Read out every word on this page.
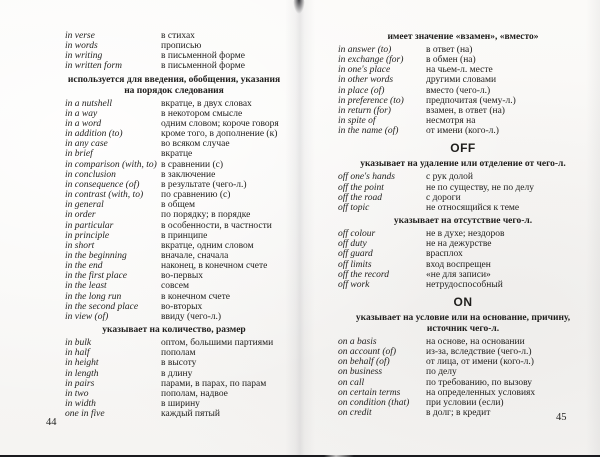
in verse	в стихах
in words	прописью
in writing	в письменной форме
in written form	в письменной форме
используется для введения, обобщения, указания на порядок следования
in a nutshell	вкратце, в двух словах
in a way	в некотором смысле
in a word	одним словом; короче говоря
in addition (to)	кроме того, в дополнение (к)
in any case	во всяком случае
in brief	вкратце
in comparison (with, to) в сравнении (с)
in conclusion	в заключение
in consequence (of)	в результате (чего-л.)
in contrast (with, to)	по сравнению (с)
in general	в общем
in order	по порядку; в порядке
in particular	в особенности, в частности
in principle	в принципе
in short	вкратце, одним словом
in the beginning	вначале, сначала
in the end	наконец, в конечном счете
in the first place	во-первых
in the least	совсем
in the long run	в конечном счете
in the second place	во-вторых
in view (of)	ввиду (чего-л.)
указывает на количество, размер
in bulk	оптом, большими партиями
in half	пополам
in height	в высоту
in length	в длину
in pairs	парами, в парах, по парам
in two	пополам, надвое
in width	в ширину
one in five	каждый пятый
44
имеет значение «взамен», «вместо»
in answer (to)	в ответ (на)
in exchange (for)	в обмен (на)
in one's place	на чьем-л. месте
in other words	другими словами
in place (of)	вместо (чего-л.)
in preference (to)	предпочитая (чему-л.)
in return (for)	взамен, в ответ (на)
in spite of	несмотря на
in the name (of)	от имени (кого-л.)
OFF
указывает на удаление или отделение от чего-л.
off one's hands	с рук долой
off the point	не по существу, не по делу
off the road	с дороги
off topic	не относящийся к теме
указывает на отсутствие чего-л.
off colour	не в духе; нездоров
off duty	не на дежурстве
off guard	врасплох
off limits	вход воспрещен
off the record	«не для записи»
off work	нетрудоспособный
ON
указывает на условие или на основание, причину, источник чего-л.
on a basis	на основе, на основании
on account (of)	из-за, вследствие (чего-л.)
on behalf (of)	от лица, от имени (кого-л.)
on business	по делу
on call	по требованию, по вызову
on certain terms	на определенных условиях
on condition (that)	при условии (если)
on credit	в долг; в кредит	45
